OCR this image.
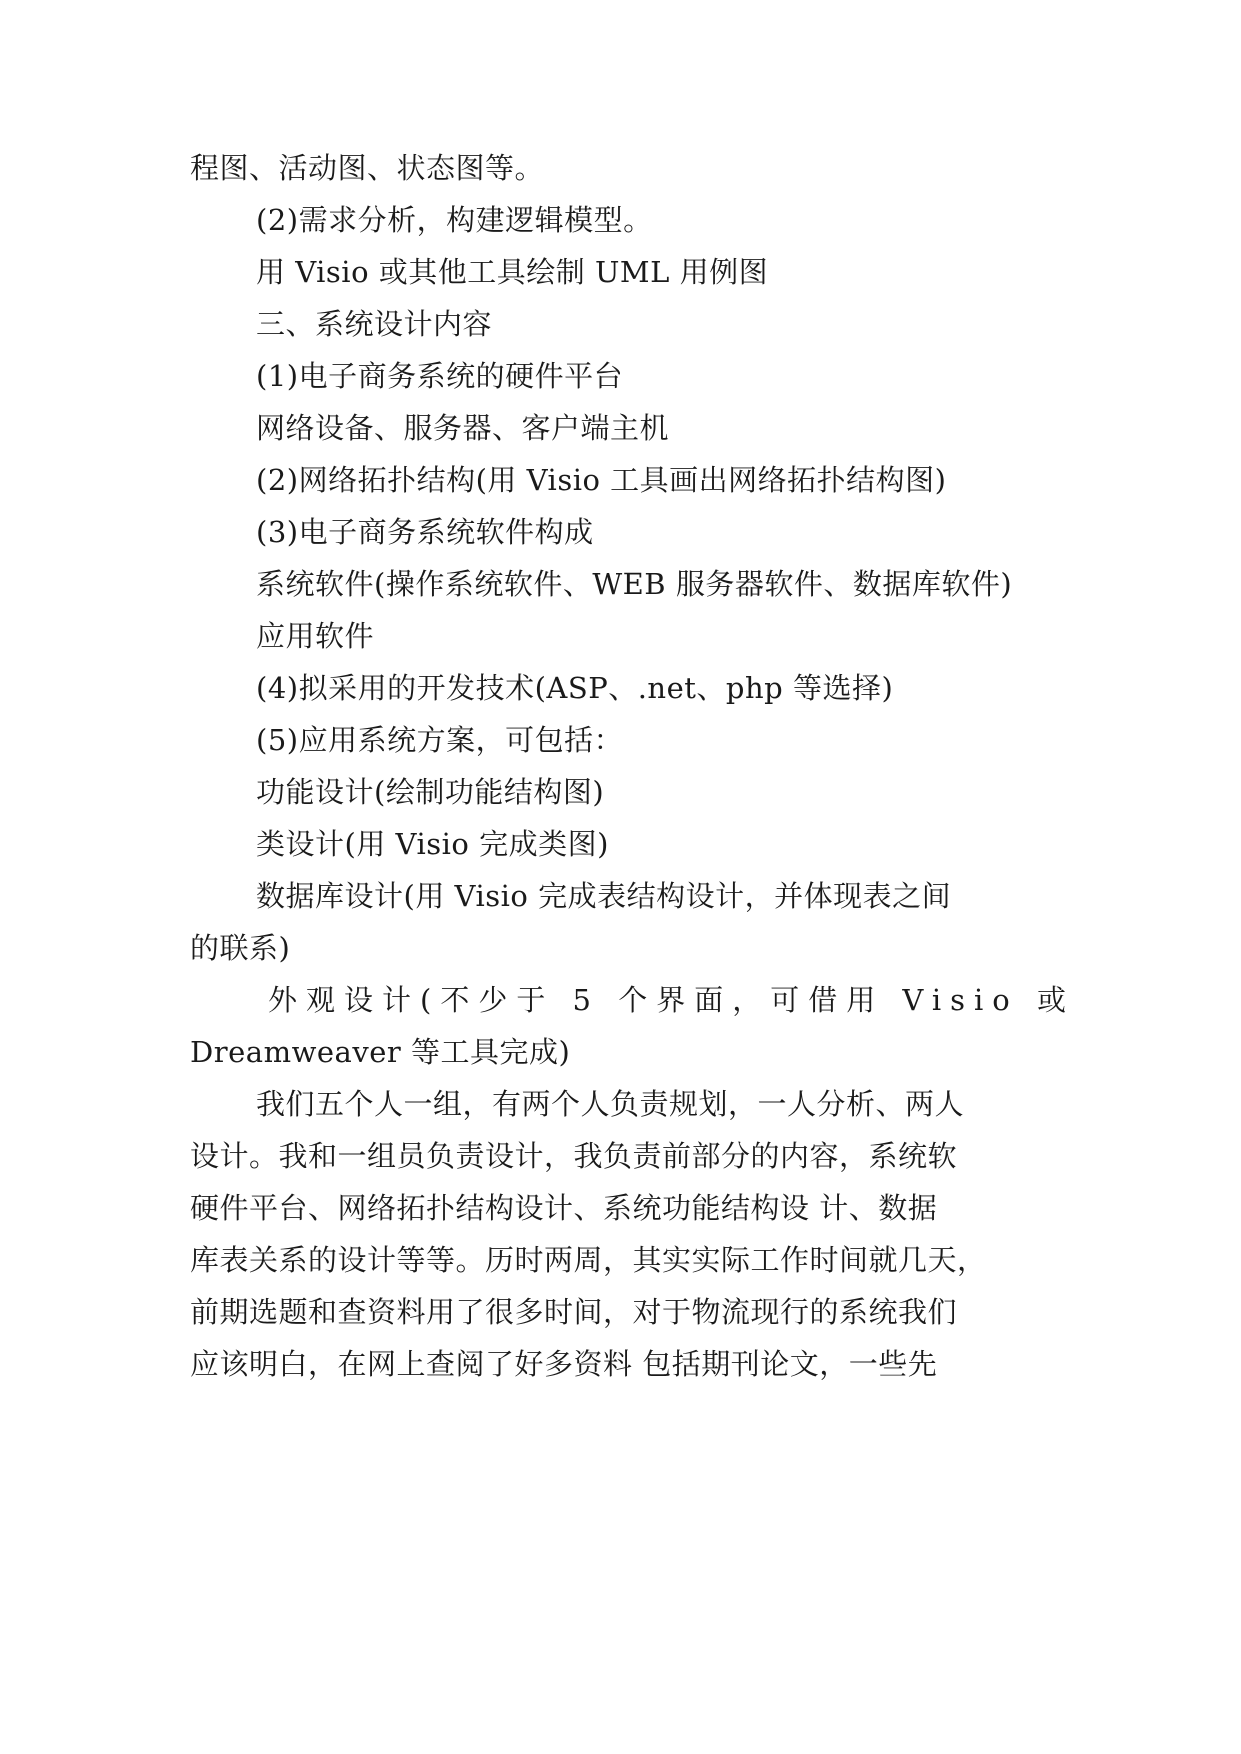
程图、活动图、状态图等。
(2)需求分析，构建逻辑模型。
用 Visio 或其他工具绘制 UML 用例图
三、系统设计内容
(1)电子商务系统的硬件平台
网络设备、服务器、客户端主机
(2)网络拓扑结构(用 Visio 工具画出网络拓扑结构图)
(3)电子商务系统软件构成
系统软件(操作系统软件、WEB 服务器软件、数据库软件)
应用软件
(4)拟采用的开发技术(ASP、.net、php 等选择)
(5)应用系统方案，可包括：
功能设计(绘制功能结构图)
类设计(用 Visio 完成类图)
数据库设计(用 Visio 完成表结构设计，并体现表之间
的联系)
外观设计(不少于 5 个界面，可借用 Visio 或
Dreamweaver 等工具完成)
我们五个人一组，有两个人负责规划，一人分析、两人
设计。我和一组员负责设计，我负责前部分的内容，系统软
硬件平台、网络拓扑结构设计、系统功能结构设 计、数据
库表关系的设计等等。历时两周，其实实际工作时间就几天，
前期选题和查资料用了很多时间，对于物流现行的系统我们
应该明白，在网上查阅了好多资料 包括期刊论文，一些先
